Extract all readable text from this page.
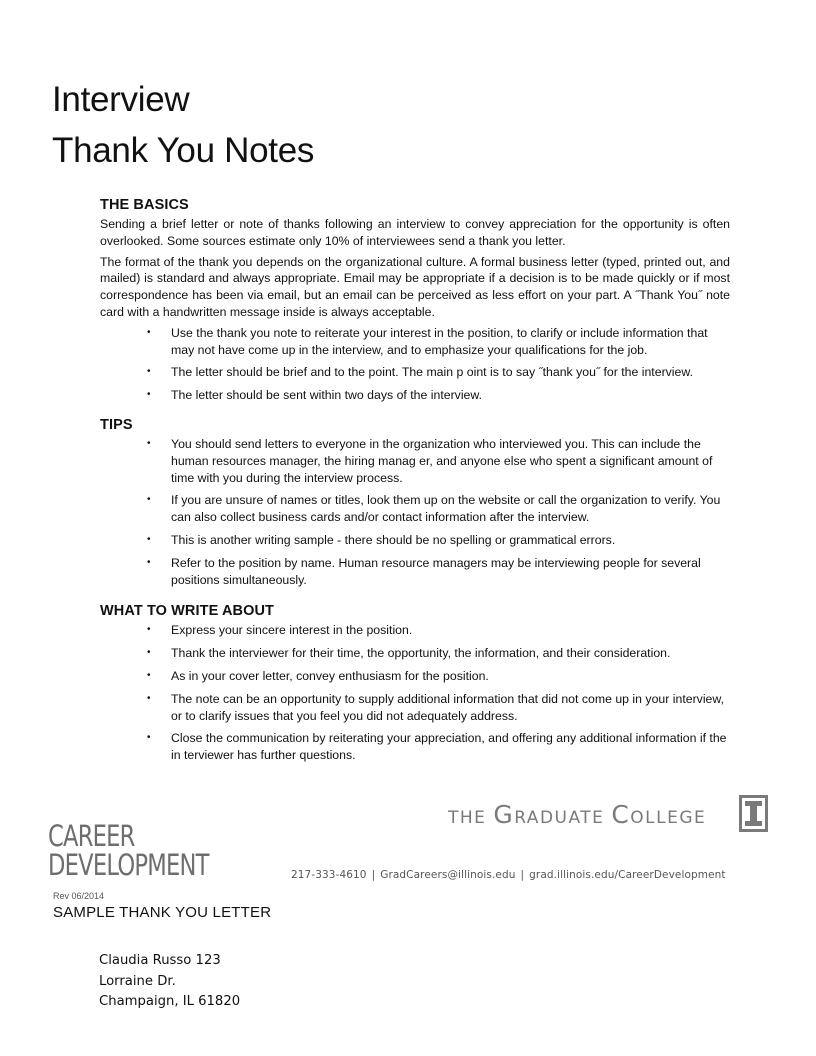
Interview
Thank You Notes
THE BASICS

Sending a brief letter or note of thanks following an interview to convey appreciation for the opportunity is often overlooked. Some sources estimate only 10% of interviewees send a thank you letter.

The format of the thank you depends on the organizational culture. A formal business letter (typed, printed out, and mailed) is standard and always appropriate. Email may be appropriate if a decision is to be made quickly or if most correspondence has been via email, but an email can be perceived as less effort on your part. A ˝Thank You˝ note card with a handwritten message inside is always acceptable.

• Use the thank you note to reiterate your interest in the position, to clarify or include information that may not have come up in the interview, and to emphasize your qualifications for the job.
• The letter should be brief and to the point. The main p oint is to say ˝thank you˝ for the interview.
• The letter should be sent within two days of the interview.
TIPS
• You should send letters to everyone in the organization who interviewed you. This can include the human resources manager, the hiring manag er, and anyone else who spent a significant amount of time with you during the interview process.
• If you are unsure of names or titles, look them up on the website or call the organization to verify. You can also collect business cards and/or contact information after the interview.
• This is another writing sample - there should be no spelling or grammatical errors.
• Refer to the position by name. Human resource managers may be interviewing people for several positions simultaneously.
WHAT TO WRITE ABOUT
• Express your sincere interest in the position.
• Thank the interviewer for their time, the opportunity, the information, and their consideration.
• As in your cover letter, convey enthusiasm for the position.
• The note can be an opportunity to supply additional information that did not come up in your interview, or to clarify issues that you feel you did not adequately address.
• Close the communication by reiterating your appreciation, and offering any additional information if the in terviewer has further questions.
THE GRADUATE COLLEGE
CAREER
DEVELOPMENT	217-333-4610 | GradCareers@illinois.edu | grad.illinois.edu/CareerDevelopment
Rev 06/2014
SAMPLE THANK YOU LETTER
Claudia Russo 123
Lorraine Dr.
Champaign, IL 61820
